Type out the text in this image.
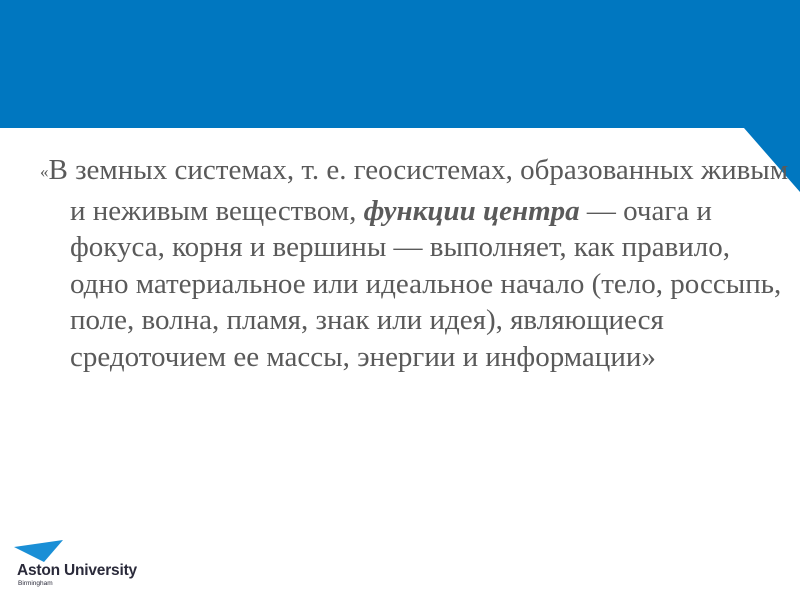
«В земных системах, т. е. геосистемах, образованных живым и неживым веществом, функции центра — очага и фокуса, корня и вершины — выполняет, как правило, одно материальное или идеальное начало (тело, россыпь, поле, волна, пламя, знак или идея), являющиеся средоточием ее массы, энергии и информации»

Aston University
Birmingham
